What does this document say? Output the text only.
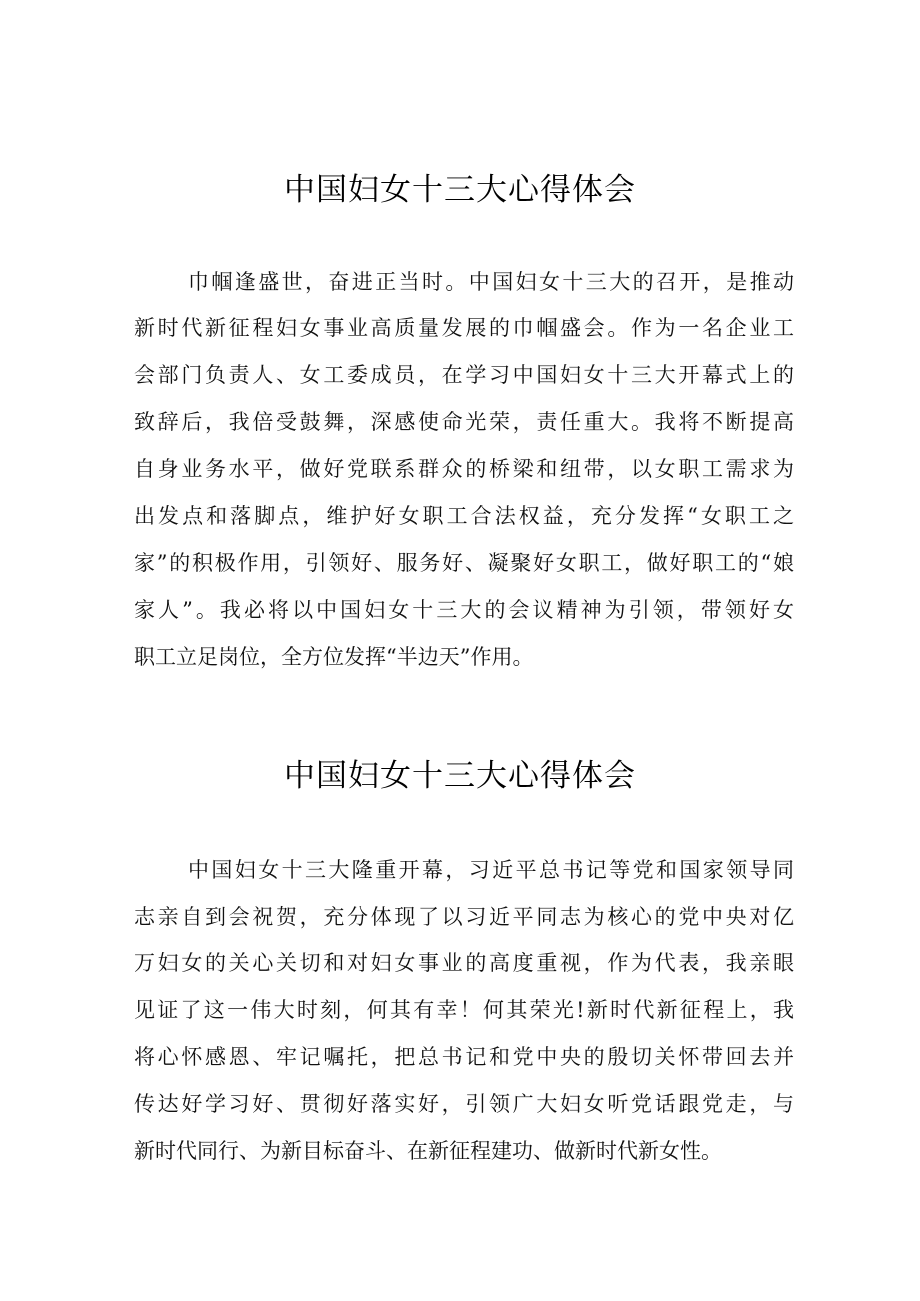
中国妇女十三大心得体会
巾帼逢盛世，奋进正当时。中国妇女十三大的召开，是推动
新时代新征程妇女事业高质量发展的巾帼盛会。作为一名企业工
会部门负责人、女工委成员，在学习中国妇女十三大开幕式上的
致辞后，我倍受鼓舞，深感使命光荣，责任重大。我将不断提高
自身业务水平，做好党联系群众的桥梁和纽带，以女职工需求为
出发点和落脚点，维护好女职工合法权益，充分发挥“女职工之
家”的积极作用，引领好、服务好、凝聚好女职工，做好职工的“娘
家人”。我必将以中国妇女十三大的会议精神为引领，带领好女
职工立足岗位，全方位发挥“半边天”作用。
中国妇女十三大心得体会
中国妇女十三大隆重开幕，习近平总书记等党和国家领导同
志亲自到会祝贺，充分体现了以习近平同志为核心的党中央对亿
万妇女的关心关切和对妇女事业的高度重视，作为代表，我亲眼
见证了这一伟大时刻，何其有幸！何其荣光!新时代新征程上，我
将心怀感恩、牢记嘱托，把总书记和党中央的殷切关怀带回去并
传达好学习好、贯彻好落实好，引领广大妇女听党话跟党走，与
新时代同行、为新目标奋斗、在新征程建功、做新时代新女性。
